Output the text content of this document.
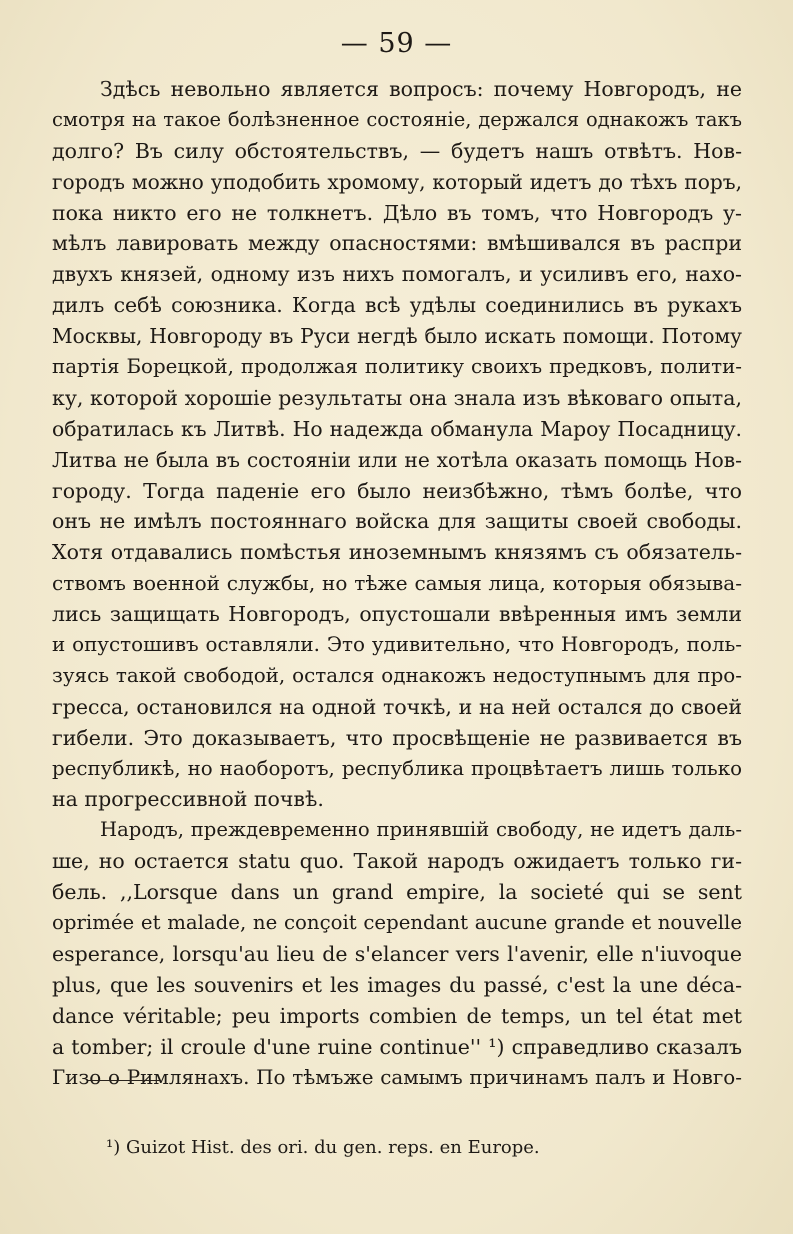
— 59 —
Здѣсь невольно является вопросъ: почему Новгородъ, не
смотря на такое болѣзненное состояніе, держался однакожъ такъ
долго? Въ силу обстоятельствъ, — будетъ нашъ отвѣтъ. Нов-
городъ можно уподобить хромому, который идетъ до тѣхъ поръ,
пока никто его не толкнетъ. Дѣло въ томъ, что Новгородъ у-
мѣлъ лавировать между опасностями: вмѣшивался въ распри
двухъ князей, одному изъ нихъ помогалъ, и усиливъ его, нахо-
дилъ себѣ союзника. Когда всѣ удѣлы соединились въ рукахъ
Москвы, Новгороду въ Руси негдѣ было искать помощи. Потому
партія Борецкой, продолжая политику своихъ предковъ, полити-
ку, которой хорошіе результаты она знала изъ вѣковаго опыта,
обратилась къ Литвѣ. Но надежда обманула Мароу Посадницу.
Литва не была въ состояніи или не хотѣла оказать помощь Нов-
городу. Тогда паденіе его было неизбѣжно, тѣмъ болѣе, что
онъ не имѣлъ постояннаго войска для защиты своей свободы.
Хотя отдавались помѣстья иноземнымъ князямъ съ обязатель-
ствомъ военной службы, но тѣже самыя лица, которыя обязыва-
лись защищать Новгородъ, опустошали ввѣренныя имъ земли
и опустошивъ оставляли. Это удивительно, что Новгородъ, поль-
зуясь такой свободой, остался однакожъ недоступнымъ для про-
гресса, остановился на одной точкѣ, и на ней остался до своей
гибели. Это доказываетъ, что просвѣщеніе не развивается въ
республикѣ, но наоборотъ, республика процвѣтаетъ лишь только
на прогрессивной почвѣ.
Народъ, преждевременно принявшій свободу, не идетъ даль-
ше, но остается statu quo. Такой народъ ожидаетъ только ги-
бель. ,,Lorsque dans un grand empire, la societé qui se sent
oprimée et malade, ne conçoit cependant aucune grande et nouvelle
esperance, lorsqu'au lieu de s'elancer vers l'avenir, elle n'iuvoque
plus, que les souvenirs et les images du passé, c'est la une déca-
dance véritable; peu imports combien de temps, un tel état met
a tomber; il croule d'une ruine continue'' ¹) справедливо сказалъ
Гизо о Римлянахъ. По тѣмъже самымъ причинамъ палъ и Новго-
¹) Guizot Hist. des ori. du gen. reps. en Europe.
